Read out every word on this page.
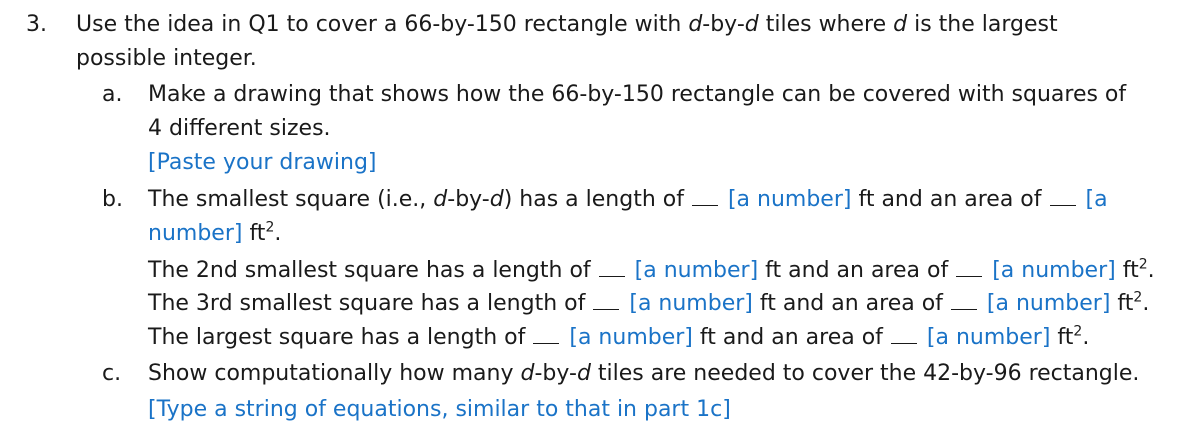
3. Use the idea in Q1 to cover a 66-by-150 rectangle with d-by-d tiles where d is the largest
possible integer.
a. Make a drawing that shows how the 66-by-150 rectangle can be covered with squares of
4 different sizes.
[Paste your drawing]
b. The smallest square (i.e., d-by-d) has a length of [a number] ft and an area of [a
number] $ft^2$.
The 2nd smallest square has a length of [a number] ft and an area of [a number] $ft^2$.
The 3rd smallest square has a length of [a number] ft and an area of [a number] $ft^2$.
The largest square has a length of [a number] ft and an area of [a number] $ft^2$.
c. Show computationally how many d-by-d tiles are needed to cover the 42-by-96 rectangle.
[Type a string of equations, similar to that in part 1c]
